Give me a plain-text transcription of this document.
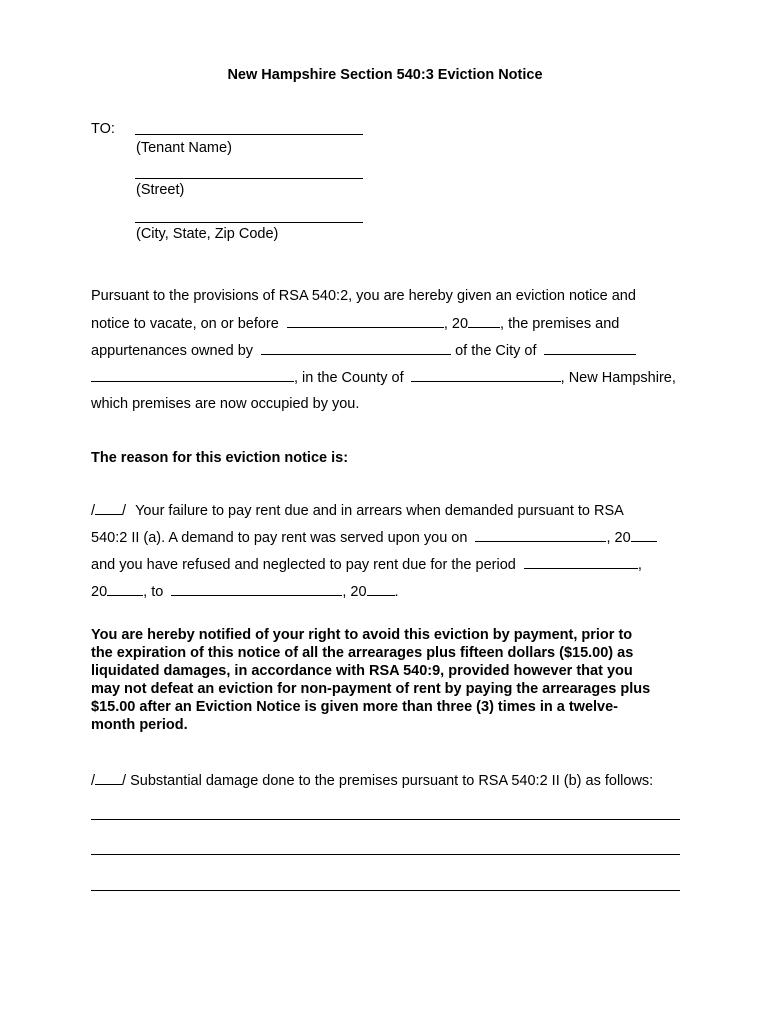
New Hampshire Section 540:3 Eviction Notice
TO:
(Tenant Name)
(Street)
(City, State, Zip Code)
Pursuant to the provisions of RSA 540:2, you are hereby given an eviction notice and
notice to vacate, on or before	, 20 , the premises and
appurtenances owned by	of the City of
, in the County of	, New Hampshire,
which premises are now occupied by you.
The reason for this eviction notice is:
/ / Your failure to pay rent due and in arrears when demanded pursuant to RSA
540:2 II (a). A demand to pay rent was served upon you on	, 20
and you have refused and neglected to pay rent due for the period	,
20 , to	, 20 .
You are hereby notified of your right to avoid this eviction by payment, prior to
the expiration of this notice of all the arrearages plus fifteen dollars ($15.00) as
liquidated damages, in accordance with RSA 540:9, provided however that you
may not defeat an eviction for non-payment of rent by paying the arrearages plus
$15.00 after an Eviction Notice is given more than three (3) times in a twelve-
month period.
/ / Substantial damage done to the premises pursuant to RSA 540:2 II (b) as follows:
